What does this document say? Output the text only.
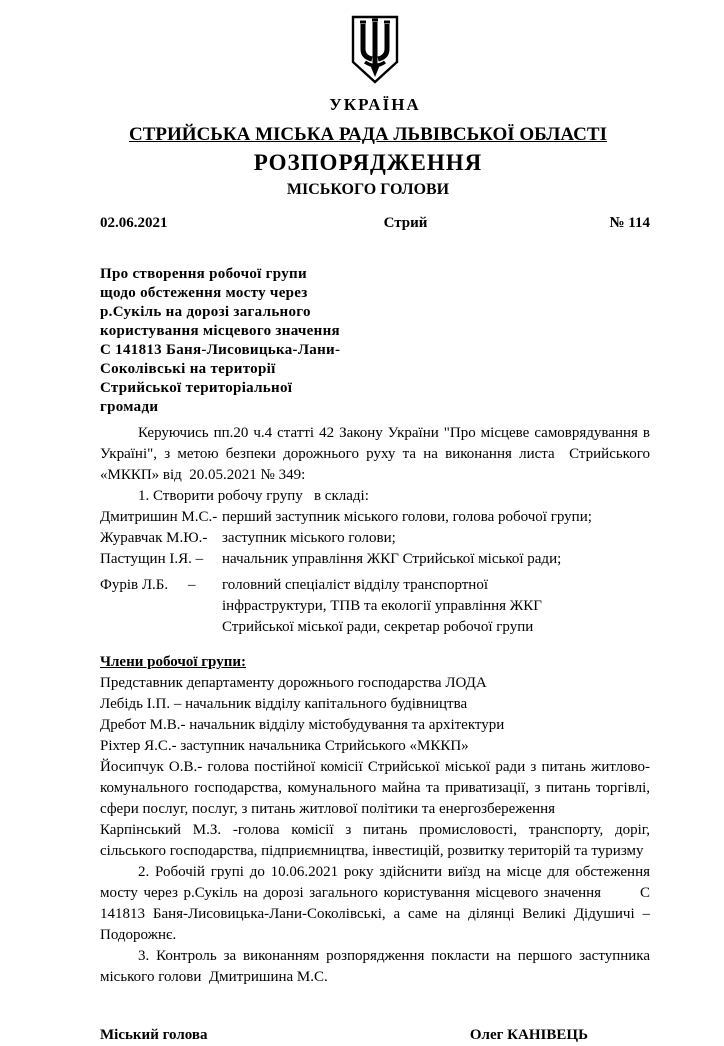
УКРАЇНА
СТРИЙСЬКА МІСЬКА РАДА ЛЬВІВСЬКОЇ ОБЛАСТІ
РОЗПОРЯДЖЕННЯ
МІСЬКОГО ГОЛОВИ
02.06.2021	Стрий	№ 114
Про створення робочої групи
щодо обстеження мосту через
р.Сукіль на дорозі загального
користування місцевого значення
С 141813 Баня-Лисовицька-Лани-
Соколівські на території
Стрийської територіальної
громади

Керуючись пп.20 ч.4 статті 42 Закону України "Про місцеве самоврядування в Україні", з метою безпеки дорожнього руху та на виконання листа  Стрийського «МККП» від  20.05.2021 № 349:

1. Створити робочу групу   в складі:

Дмитришин М.С.- перший заступник міського голови, голова робочої групи;
Журавчак М.Ю.- заступник міського голови;
Пастущин І.Я. –	начальник управління ЖКГ Стрийської міської ради;
Фурів Л.Б.	–	головний спеціаліст відділу транспортної інфраструктури, ТПВ та екології управління ЖКГ Стрийської міської ради, секретар робочої групи
Члени робочої групи:
Представник департаменту дорожнього господарства ЛОДА
Лебідь І.П. – начальник відділу капітального будівництва
Дребот М.В.- начальник відділу містобудування та архітектури
Ріхтер Я.С.- заступник начальника Стрийського «МККП»
Йосипчук О.В.- голова постійної комісії Стрийської міської ради з питань житлово-комунального господарства, комунального майна та приватизації, з питань торгівлі, сфери послуг, послуг, з питань житлової політики та енергозбереження
Карпінський М.З. -голова комісії з питань промисловості, транспорту, доріг, сільського господарства, підприємництва, інвестицій, розвитку територій та туризму

2. Робочій групі до 10.06.2021 року здійснити виїзд на місце для обстеження мосту через р.Сукіль на дорозі загального користування місцевого значення       С 141813 Баня-Лисовицька-Лани-Соколівські, а саме на ділянці Великі Дідушичі –Подорожнє.

3. Контроль за виконанням розпорядження покласти на першого заступника міського голови  Дмитришина М.С.

Міський голова	Олег КАНІВЕЦЬ
